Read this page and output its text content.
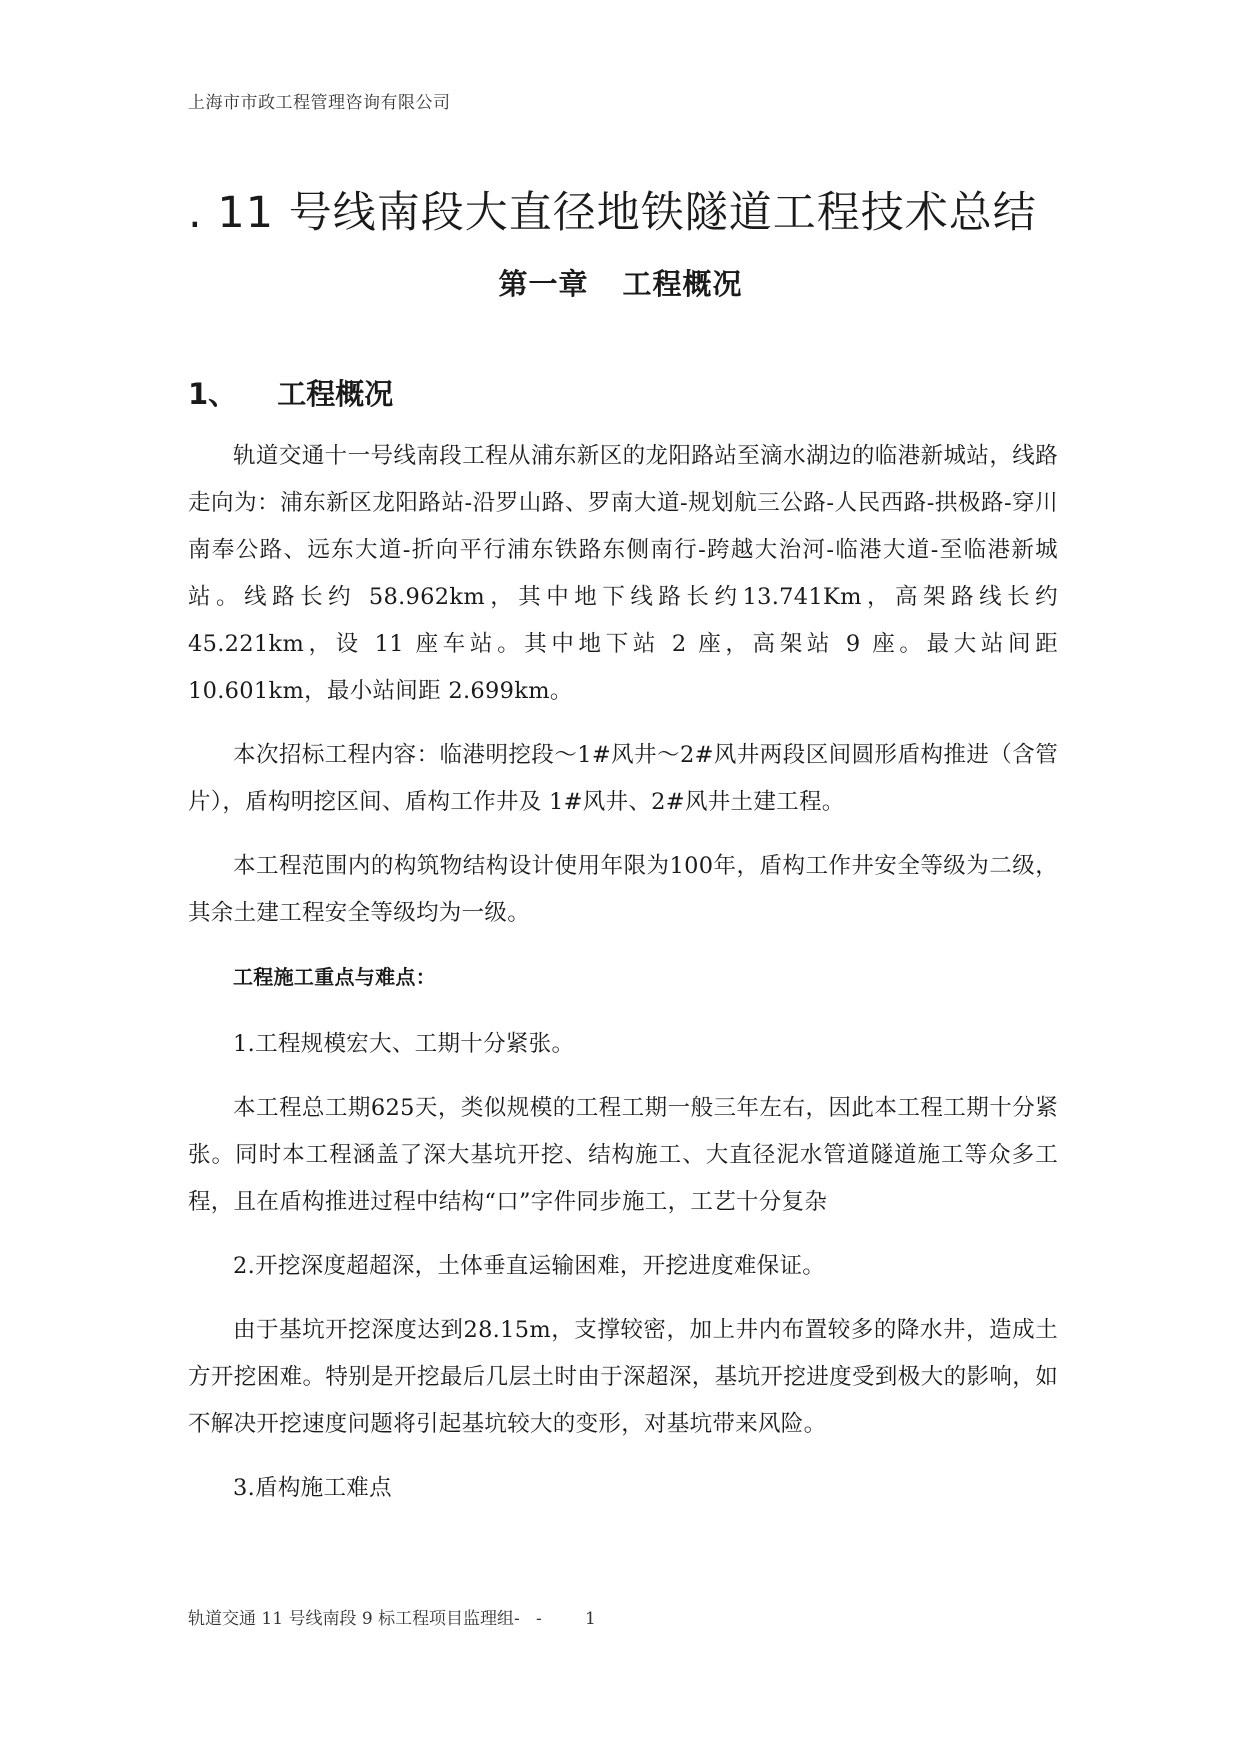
上海市市政工程管理咨询有限公司
. 11 号线南段大直径地铁隧道工程技术总结
第一章 工程概况
1、 工程概况

轨道交通十一号线南段工程从浦东新区的龙阳路站至滴水湖边的临港新城站，线路走向为：浦东新区龙阳路站-沿罗山路、罗南大道-规划航三公路-人民西路-拱极路-穿川南奉公路、远东大道-折向平行浦东铁路东侧南行-跨越大治河-临港大道-至临港新城站。线路长约 58.962km，其中地下线路长约13.741Km，高架路线长约 45.221km，设 11 座车站。其中地下站 2 座，高架站 9 座。最大站间距 10.601km，最小站间距 2.699km。

本次招标工程内容：临港明挖段～1#风井～2#风井两段区间圆形盾构推进（含管片），盾构明挖区间、盾构工作井及 1#风井、2#风井土建工程。

本工程范围内的构筑物结构设计使用年限为100年，盾构工作井安全等级为二级，其余土建工程安全等级均为一级。

工程施工重点与难点：

1.工程规模宏大、工期十分紧张。

本工程总工期625天，类似规模的工程工期一般三年左右，因此本工程工期十分紧张。同时本工程涵盖了深大基坑开挖、结构施工、大直径泥水管道隧道施工等众多工程，且在盾构推进过程中结构“口”字件同步施工，工艺十分复杂

2.开挖深度超超深，土体垂直运输困难，开挖进度难保证。

由于基坑开挖深度达到28.15m，支撑较密，加上井内布置较多的降水井，造成土方开挖困难。特别是开挖最后几层土时由于深超深，基坑开挖进度受到极大的影响，如不解决开挖速度问题将引起基坑较大的变形，对基坑带来风险。

3.盾构施工难点

轨道交通 11 号线南段 9 标工程项目监理组-   -	1
